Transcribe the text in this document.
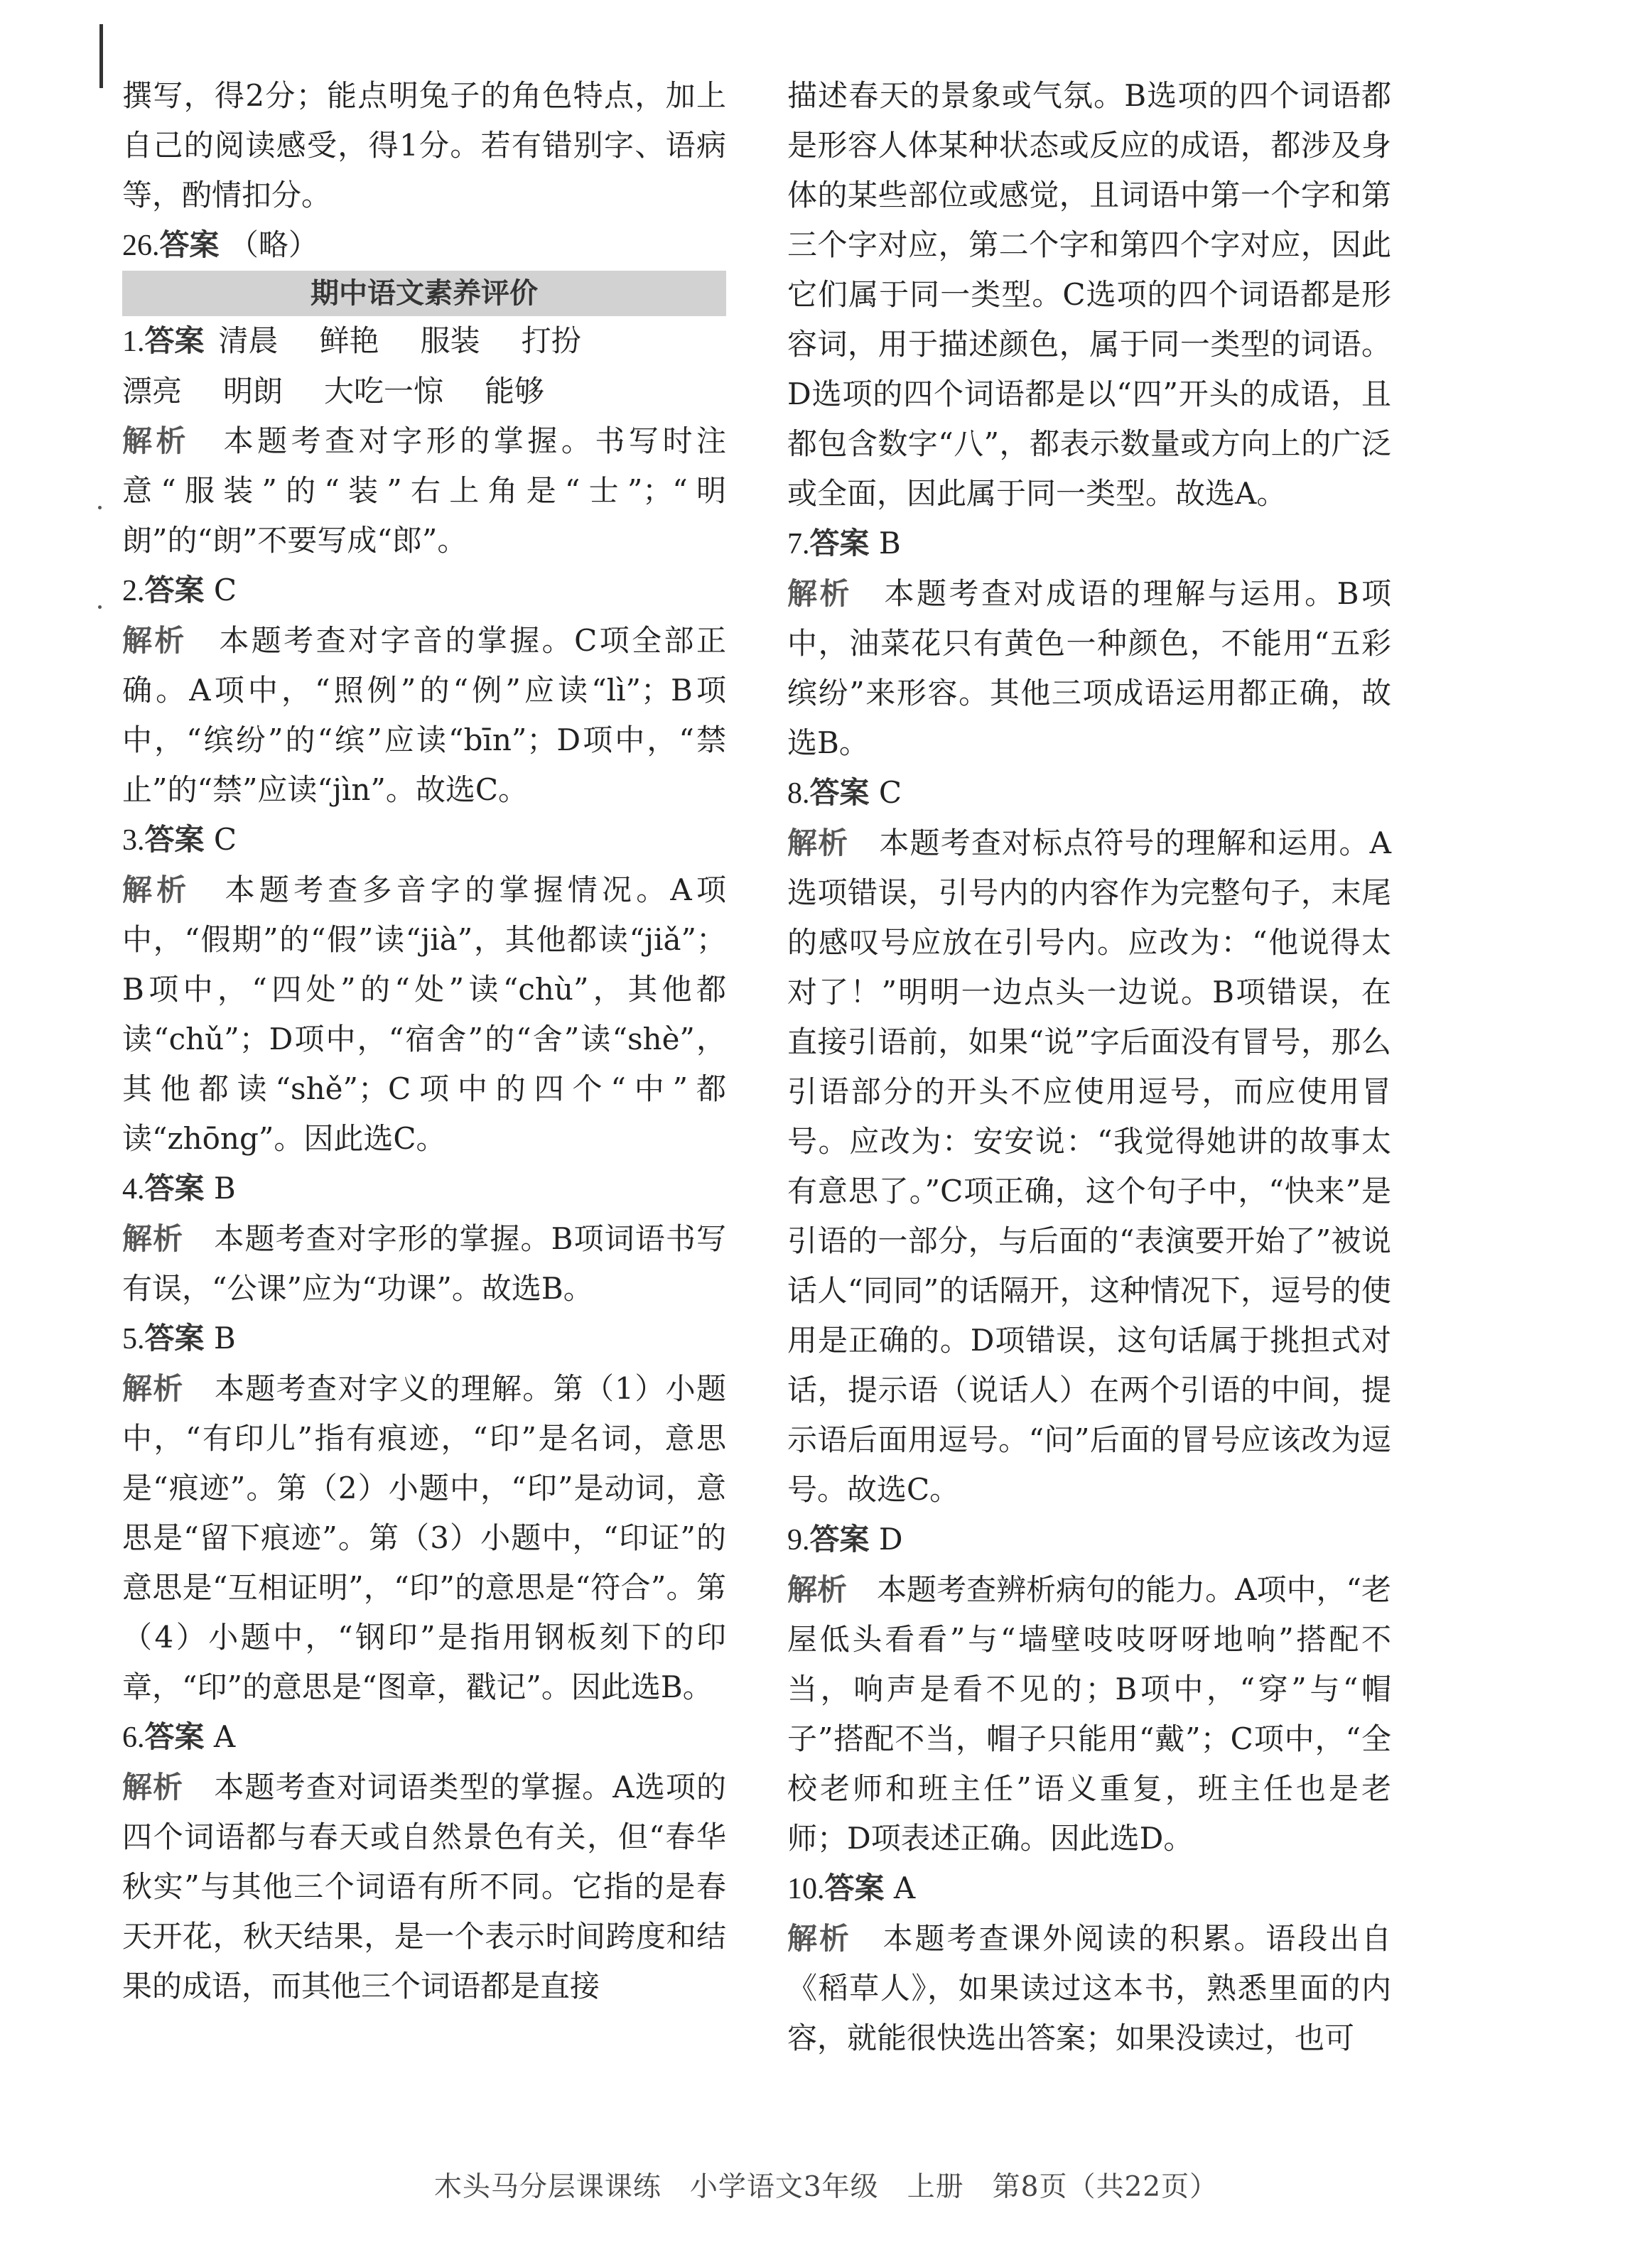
撰写，得2分；能点明兔子的角色特点，加上自己的阅读感受，得1分。若有错别字、语病等，酌情扣分。

26.答案 （略）

期中语文素养评价

1.答案 清晨 鲜艳 服装 打扮

漂亮 明朗 大吃一惊 能够

解析　 本题考查对字形的掌握。书写时注意“服装”的“装”右上角是“士”；“明朗”的“朗”不要写成“郎”。

2.答案 C

解析　 本题考查对字音的掌握。C项全部正确。A项中，“照例”的“例”应读“lì”；B项中，“缤纷”的“缤”应读“bīn”；D项中，“禁止”的“禁”应读“jìn”。故选C。

3.答案 C

解析　 本题考查多音字的掌握情况。A项中，“假期”的“假”读“jià”，其他都读“jiǎ”；B项中，“四处”的“处”读“chù”，其他都读“chǔ”；D项中，“宿舍”的“舍”读“shè”，其他都读“shě”；C项中的四个“中”都读“zhōng”。因此选C。

4.答案 B

解析　 本题考查对字形的掌握。B项词语书写有误，“公课”应为“功课”。故选B。

5.答案 B

解析　 本题考查对字义的理解。第（1）小题中，“有印儿”指有痕迹，“印”是名词，意思是“痕迹”。第（2）小题中，“印”是动词，意思是“留下痕迹”。第（3）小题中，“印证”的意思是“互相证明”，“印”的意思是“符合”。第（4）小题中，“钢印”是指用钢板刻下的印章，“印”的意思是“图章，戳记”。因此选B。

6.答案 A

解析　 本题考查对词语类型的掌握。A选项的四个词语都与春天或自然景色有关，但“春华秋实”与其他三个词语有所不同。它指的是春天开花，秋天结果，是一个表示时间跨度和结果的成语，而其他三个词语都是直接

描述春天的景象或气氛。B选项的四个词语都是形容人体某种状态或反应的成语，都涉及身体的某些部位或感觉，且词语中第一个字和第三个字对应，第二个字和第四个字对应，因此它们属于同一类型。C选项的四个词语都是形容词，用于描述颜色，属于同一类型的词语。D选项的四个词语都是以“四”开头的成语，且都包含数字“八”，都表示数量或方向上的广泛或全面，因此属于同一类型。故选A。

7.答案 B

解析　 本题考查对成语的理解与运用。B项中，油菜花只有黄色一种颜色，不能用“五彩缤纷”来形容。其他三项成语运用都正确，故选B。

8.答案 C

解析　 本题考查对标点符号的理解和运用。A选项错误，引号内的内容作为完整句子，末尾的感叹号应放在引号内。应改为：“他说得太对了！”明明一边点头一边说。B项错误，在直接引语前，如果“说”字后面没有冒号，那么引语部分的开头不应使用逗号，而应使用冒号。应改为：安安说：“我觉得她讲的故事太有意思了。”C项正确，这个句子中，“快来”是引语的一部分，与后面的“表演要开始了”被说话人“同同”的话隔开，这种情况下，逗号的使用是正确的。D项错误，这句话属于挑担式对话，提示语（说话人）在两个引语的中间，提示语后面用逗号。“问”后面的冒号应该改为逗号。故选C。

9.答案 D

解析　 本题考查辨析病句的能力。A项中，“老屋低头看看”与“墙壁吱吱呀呀地响”搭配不当，响声是看不见的；B项中，“穿”与“帽子”搭配不当，帽子只能用“戴”；C项中，“全校老师和班主任”语义重复，班主任也是老师；D项表述正确。因此选D。

10.答案 A

解析　 本题考查课外阅读的积累。语段出自《稻草人》，如果读过这本书，熟悉里面的内容，就能很快选出答案；如果没读过，也可

木头马分层课课练　小学语文3年级　上册　第8页（共22页）
